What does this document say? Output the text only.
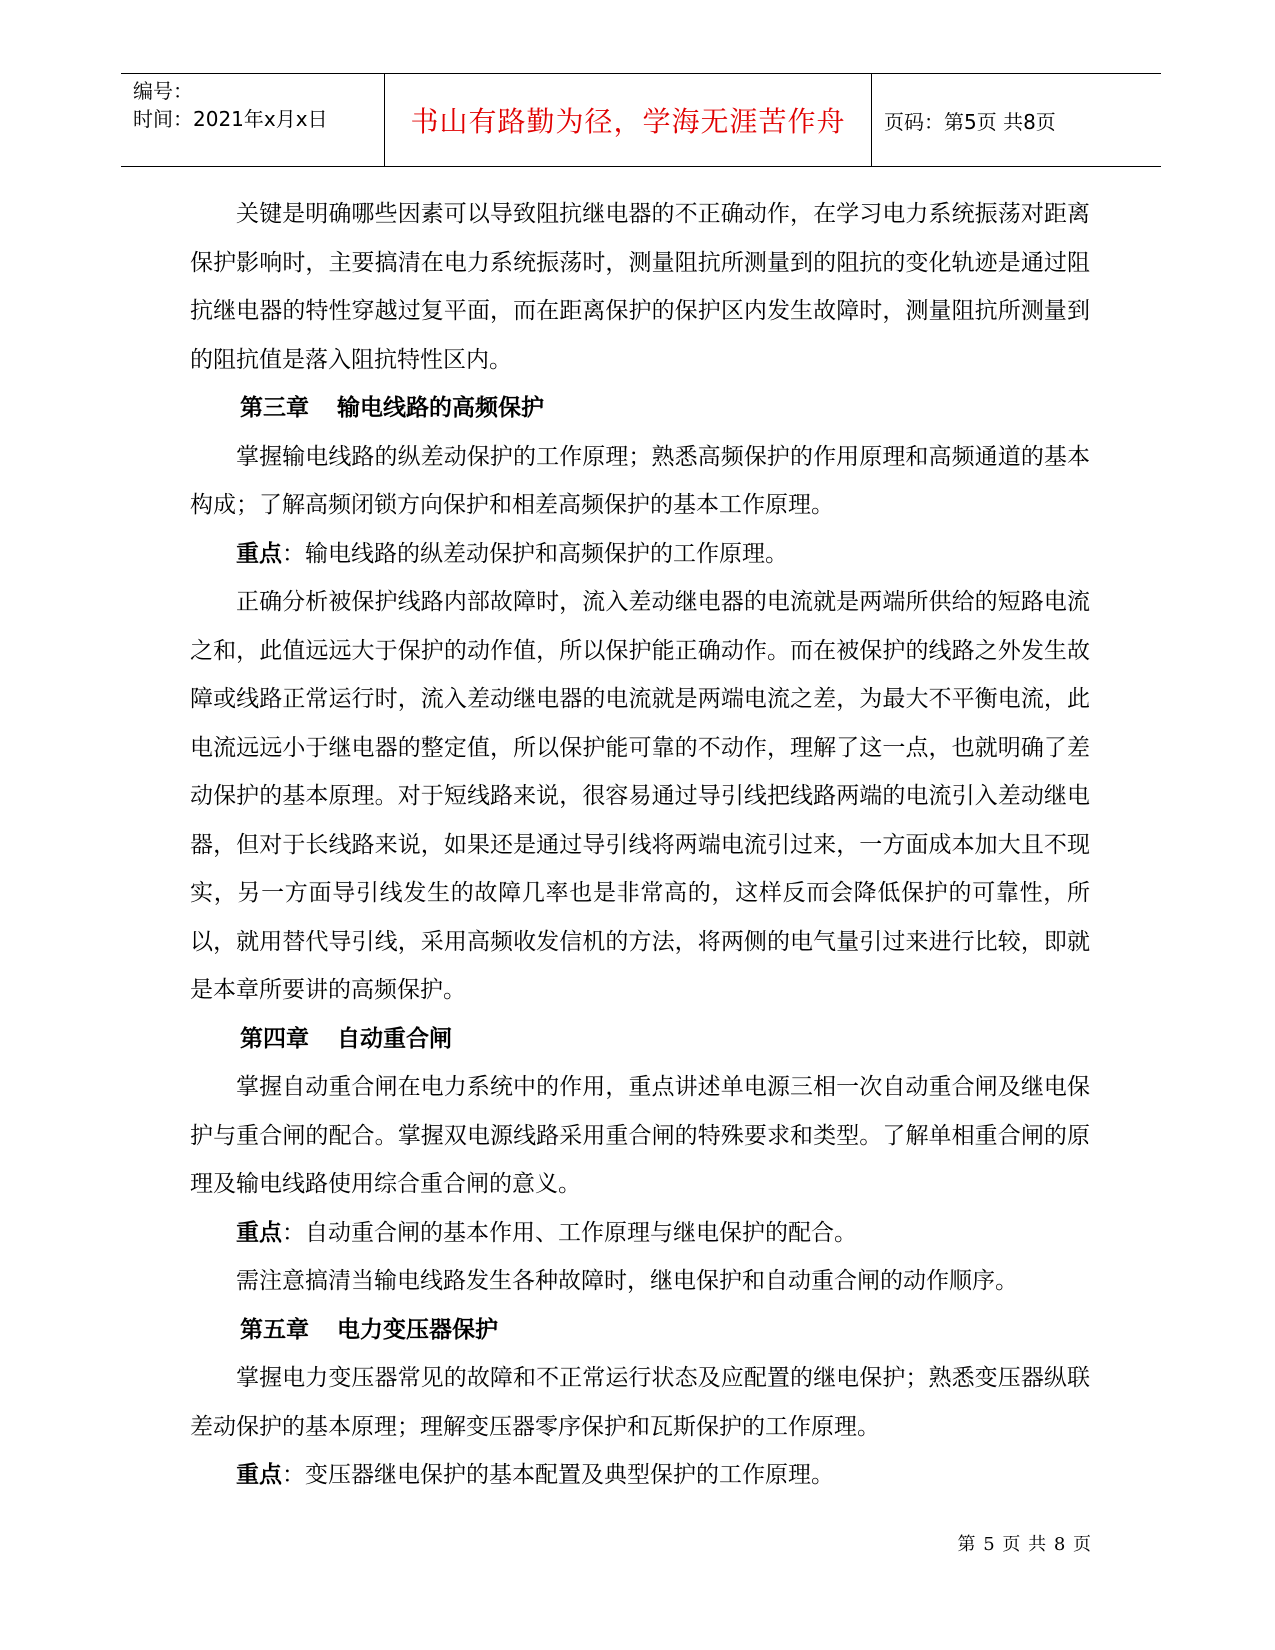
编号：
时间：2021年x月x日	书山有路勤为径，学海无涯苦作舟 页码：第5页 共8页

关键是明确哪些因素可以导致阻抗继电器的不正确动作，在学习电力系统振荡对距离保护影响时，主要搞清在电力系统振荡时，测量阻抗所测量到的阻抗的变化轨迹是通过阻抗继电器的特性穿越过复平面，而在距离保护的保护区内发生故障时，测量阻抗所测量到的阻抗值是落入阻抗特性区内。

第三章 输电线路的高频保护

掌握输电线路的纵差动保护的工作原理；熟悉高频保护的作用原理和高频通道的基本构成；了解高频闭锁方向保护和相差高频保护的基本工作原理。

重点：输电线路的纵差动保护和高频保护的工作原理。

正确分析被保护线路内部故障时，流入差动继电器的电流就是两端所供给的短路电流之和，此值远远大于保护的动作值，所以保护能正确动作。而在被保护的线路之外发生故障或线路正常运行时，流入差动继电器的电流就是两端电流之差，为最大不平衡电流，此电流远远小于继电器的整定值，所以保护能可靠的不动作，理解了这一点，也就明确了差动保护的基本原理。对于短线路来说，很容易通过导引线把线路两端的电流引入差动继电器，但对于长线路来说，如果还是通过导引线将两端电流引过来，一方面成本加大且不现实，另一方面导引线发生的故障几率也是非常高的，这样反而会降低保护的可靠性，所以，就用替代导引线，采用高频收发信机的方法，将两侧的电气量引过来进行比较，即就是本章所要讲的高频保护。

第四章 自动重合闸

掌握自动重合闸在电力系统中的作用，重点讲述单电源三相一次自动重合闸及继电保护与重合闸的配合。掌握双电源线路采用重合闸的特殊要求和类型。了解单相重合闸的原理及输电线路使用综合重合闸的意义。

重点：自动重合闸的基本作用、工作原理与继电保护的配合。

需注意搞清当输电线路发生各种故障时，继电保护和自动重合闸的动作顺序。

第五章 电力变压器保护

掌握电力变压器常见的故障和不正常运行状态及应配置的继电保护；熟悉变压器纵联差动保护的基本原理；理解变压器零序保护和瓦斯保护的工作原理。

重点：变压器继电保护的基本配置及典型保护的工作原理。

第 5 页 共 8 页
